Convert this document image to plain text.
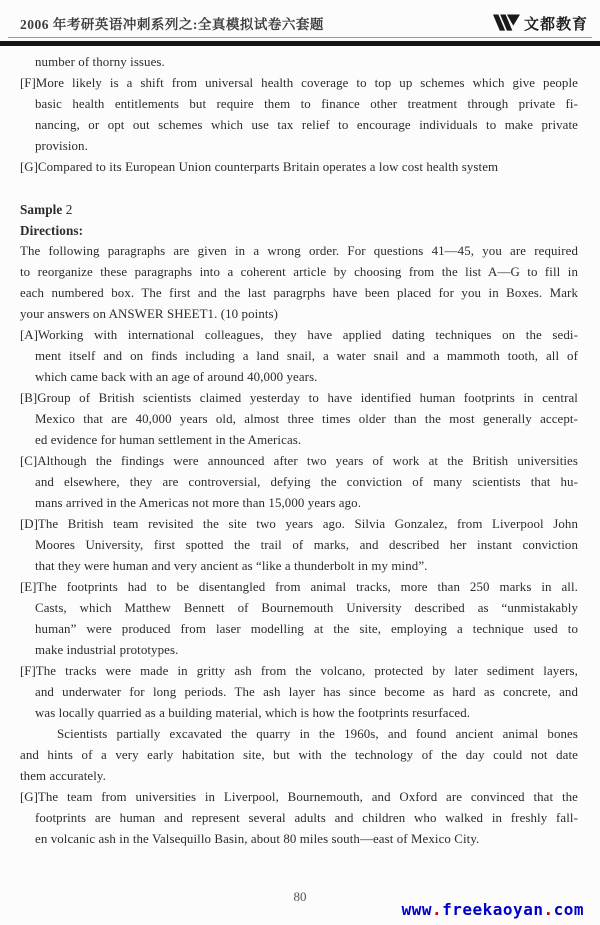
2006 年考研英语冲刺系列之:全真模拟试卷六套题	文都教育
number of thorny issues.
[F]More likely is a shift from universal health coverage to top up schemes which give people
basic health entitlements but require them to finance other treatment through private fi-
nancing, or opt out schemes which use tax relief to encourage individuals to make private
provision.
[G]Compared to its European Union counterparts Britain operates a low cost health system
Sample 2
Directions:
The following paragraphs are given in a wrong order. For questions 41—45, you are required
to reorganize these paragraphs into a coherent article by choosing from the list A—G to fill in
each numbered box. The first and the last paragrphs have been placed for you in Boxes. Mark
your answers on ANSWER SHEET1. (10 points)
[A]Working with international colleagues, they have applied dating techniques on the sedi-
ment itself and on finds including a land snail, a water snail and a mammoth tooth, all of
which came back with an age of around 40,000 years.
[B]Group of British scientists claimed yesterday to have identified human footprints in central
Mexico that are 40,000 years old, almost three times older than the most generally accept-
ed evidence for human settlement in the Americas.
[C]Although the findings were announced after two years of work at the British universities
and elsewhere, they are controversial, defying the conviction of many scientists that hu-
mans arrived in the Americas not more than 15,000 years ago.
[D]The British team revisited the site two years ago. Silvia Gonzalez, from Liverpool John
Moores University, first spotted the trail of marks, and described her instant conviction
that they were human and very ancient as “like a thunderbolt in my mind”.
[E]The footprints had to be disentangled from animal tracks, more than 250 marks in all.
Casts, which Matthew Bennett of Bournemouth University described as “unmistakably
human” were produced from laser modelling at the site, employing a technique used to
make industrial prototypes.
[F]The tracks were made in gritty ash from the volcano, protected by later sediment layers,
and underwater for long periods. The ash layer has since become as hard as concrete, and
was locally quarried as a building material, which is how the footprints resurfaced.
Scientists partially excavated the quarry in the 1960s, and found ancient animal bones
and hints of a very early habitation site, but with the technology of the day could not date
them accurately.
[G]The team from universities in Liverpool, Bournemouth, and Oxford are convinced that the
footprints are human and represent several adults and children who walked in freshly fall-
en volcanic ash in the Valsequillo Basin, about 80 miles south—east of Mexico City.
80
www.freekaoyan.com
